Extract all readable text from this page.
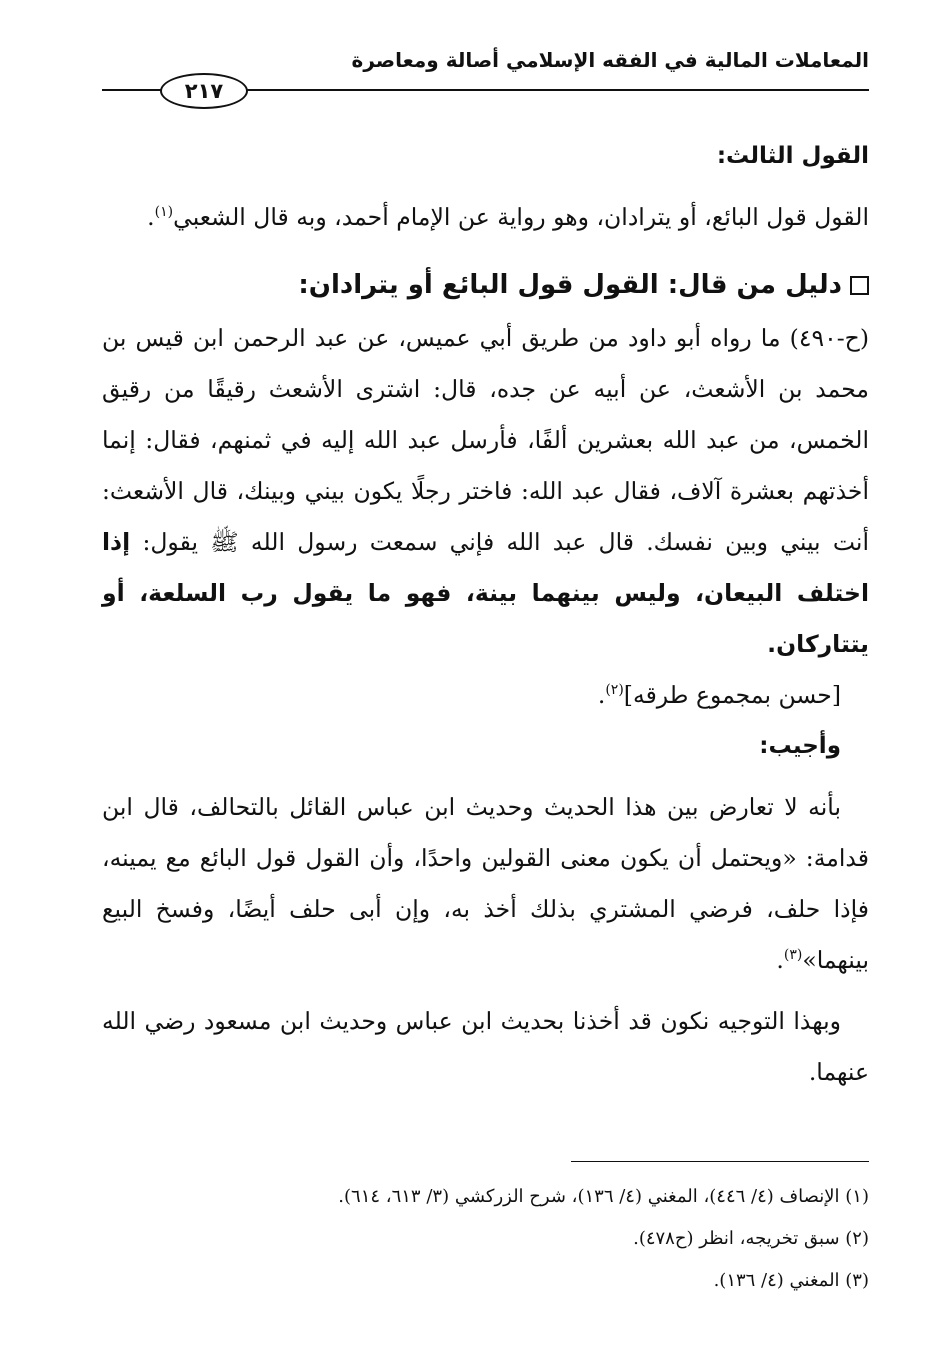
المعاملات المالية في الفقه الإسلامي أصالة ومعاصرة
٢١٧
القول الثالث:

القول قول البائع، أو يترادان، وهو رواية عن الإمام أحمد، وبه قال الشعبي$^{(١)}$.

دليل من قال: القول قول البائع أو يترادان:

(ح-٤٩٠) ما رواه أبو داود من طريق أبي عميس، عن عبد الرحمن ابن قيس بن محمد بن الأشعث، عن أبيه عن جده، قال: اشترى الأشعث رقيقًا من رقيق الخمس، من عبد الله بعشرين ألفًا، فأرسل عبد الله إليه في ثمنهم، فقال: إنما أخذتهم بعشرة آلاف، فقال عبد الله: فاختر رجلًا يكون بيني وبينك، قال الأشعث: أنت بيني وبين نفسك. قال عبد الله فإني سمعت رسول الله ﷺ يقول: إذا اختلف البيعان، وليس بينهما بينة، فهو ما يقول رب السلعة، أو يتتاركان.

[حسن بمجموع طرقه]$^{(٢)}$.

وأجيب:

بأنه لا تعارض بين هذا الحديث وحديث ابن عباس القائل بالتحالف، قال ابن قدامة: «ويحتمل أن يكون معنى القولين واحدًا، وأن القول قول البائع مع يمينه، فإذا حلف، فرضي المشتري بذلك أخذ به، وإن أبى حلف أيضًا، وفسخ البيع بينهما»$^{(٣)}$.

وبهذا التوجيه نكون قد أخذنا بحديث ابن عباس وحديث ابن مسعود رضي الله عنهما.

(١) الإنصاف (٤/ ٤٤٦)، المغني (٤/ ١٣٦)، شرح الزركشي (٣/ ٦١٣، ٦١٤).
(٢) سبق تخريجه، انظر (ح٤٧٨).
(٣) المغني (٤/ ١٣٦).
